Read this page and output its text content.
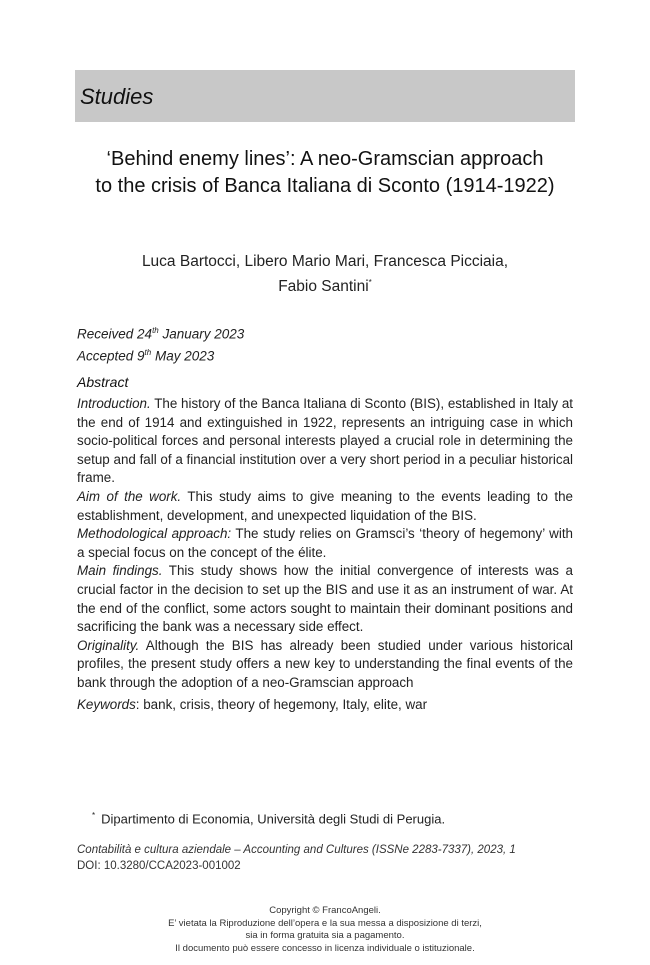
Studies
‘Behind enemy lines’: A neo-Gramscian approach
to the crisis of Banca Italiana di Sconto (1914-1922)
Luca Bartocci, Libero Mario Mari, Francesca Picciaia,
Fabio Santini*
Received 24th January 2023
Accepted 9th May 2023
Abstract

Introduction. The history of the Banca Italiana di Sconto (BIS), established in Italy at the end of 1914 and extinguished in 1922, represents an intriguing case in which socio-political forces and personal interests played a crucial role in determining the setup and fall of a financial institution over a very short period in a peculiar historical frame.

Aim of the work. This study aims to give meaning to the events leading to the establishment, development, and unexpected liquidation of the BIS.

Methodological approach: The study relies on Gramsci’s ‘theory of hegemony’ with a special focus on the concept of the élite.

Main findings. This study shows how the initial convergence of interests was a crucial factor in the decision to set up the BIS and use it as an instrument of war. At the end of the conflict, some actors sought to maintain their dominant positions and sacrificing the bank was a necessary side effect.

Originality. Although the BIS has already been studied under various historical profiles, the present study offers a new key to understanding the final events of the bank through the adoption of a neo-Gramscian approach

Keywords: bank, crisis, theory of hegemony, Italy, elite, war
* Dipartimento di Economia, Università degli Studi di Perugia.
Contabilità e cultura aziendale – Accounting and Cultures (ISSNe 2283-7337), 2023, 1
DOI: 10.3280/CCA2023-001002
Copyright © FrancoAngeli.
E’ vietata la Riproduzione dell’opera e la sua messa a disposizione di terzi,
sia in forma gratuita sia a pagamento.
Il documento può essere concesso in licenza individuale o istituzionale.
